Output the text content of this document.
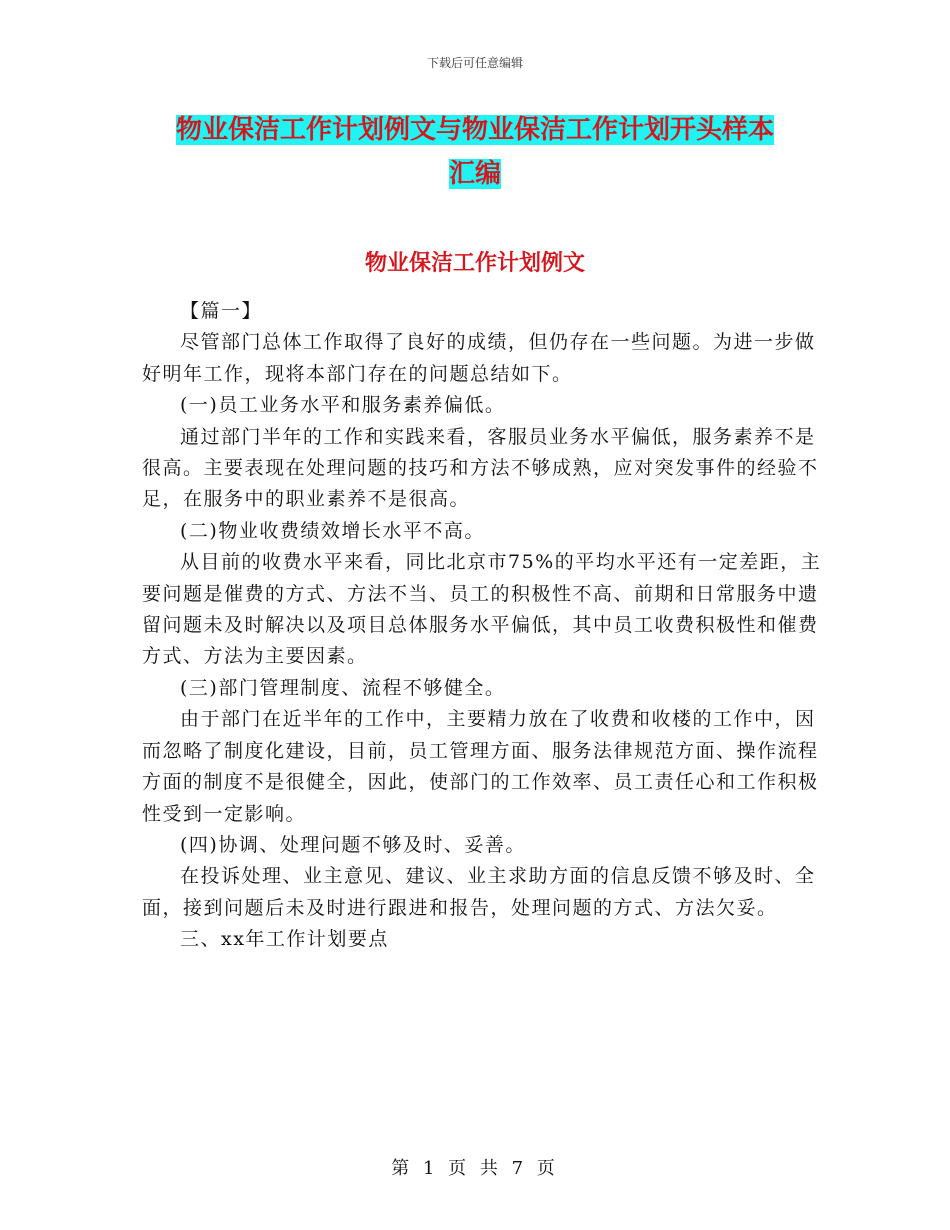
下载后可任意编辑
物业保洁工作计划例文与物业保洁工作计划开头样本
汇编
物业保洁工作计划例文

【篇一】

尽管部门总体工作取得了良好的成绩，但仍存在一些问题。为进一步做好明年工作，现将本部门存在的问题总结如下。

(一)员工业务水平和服务素养偏低。

通过部门半年的工作和实践来看，客服员业务水平偏低，服务素养不是很高。主要表现在处理问题的技巧和方法不够成熟，应对突发事件的经验不足，在服务中的职业素养不是很高。

(二)物业收费绩效增长水平不高。

从目前的收费水平来看，同比北京市75%的平均水平还有一定差距，主要问题是催费的方式、方法不当、员工的积极性不高、前期和日常服务中遗留问题未及时解决以及项目总体服务水平偏低，其中员工收费积极性和催费方式、方法为主要因素。

(三)部门管理制度、流程不够健全。

由于部门在近半年的工作中，主要精力放在了收费和收楼的工作中，因而忽略了制度化建设，目前，员工管理方面、服务法律规范方面、操作流程方面的制度不是很健全，因此，使部门的工作效率、员工责任心和工作积极性受到一定影响。

(四)协调、处理问题不够及时、妥善。

在投诉处理、业主意见、建议、业主求助方面的信息反馈不够及时、全面，接到问题后未及时进行跟进和报告，处理问题的方式、方法欠妥。

三、xx年工作计划要点

第 1 页 共 7 页
